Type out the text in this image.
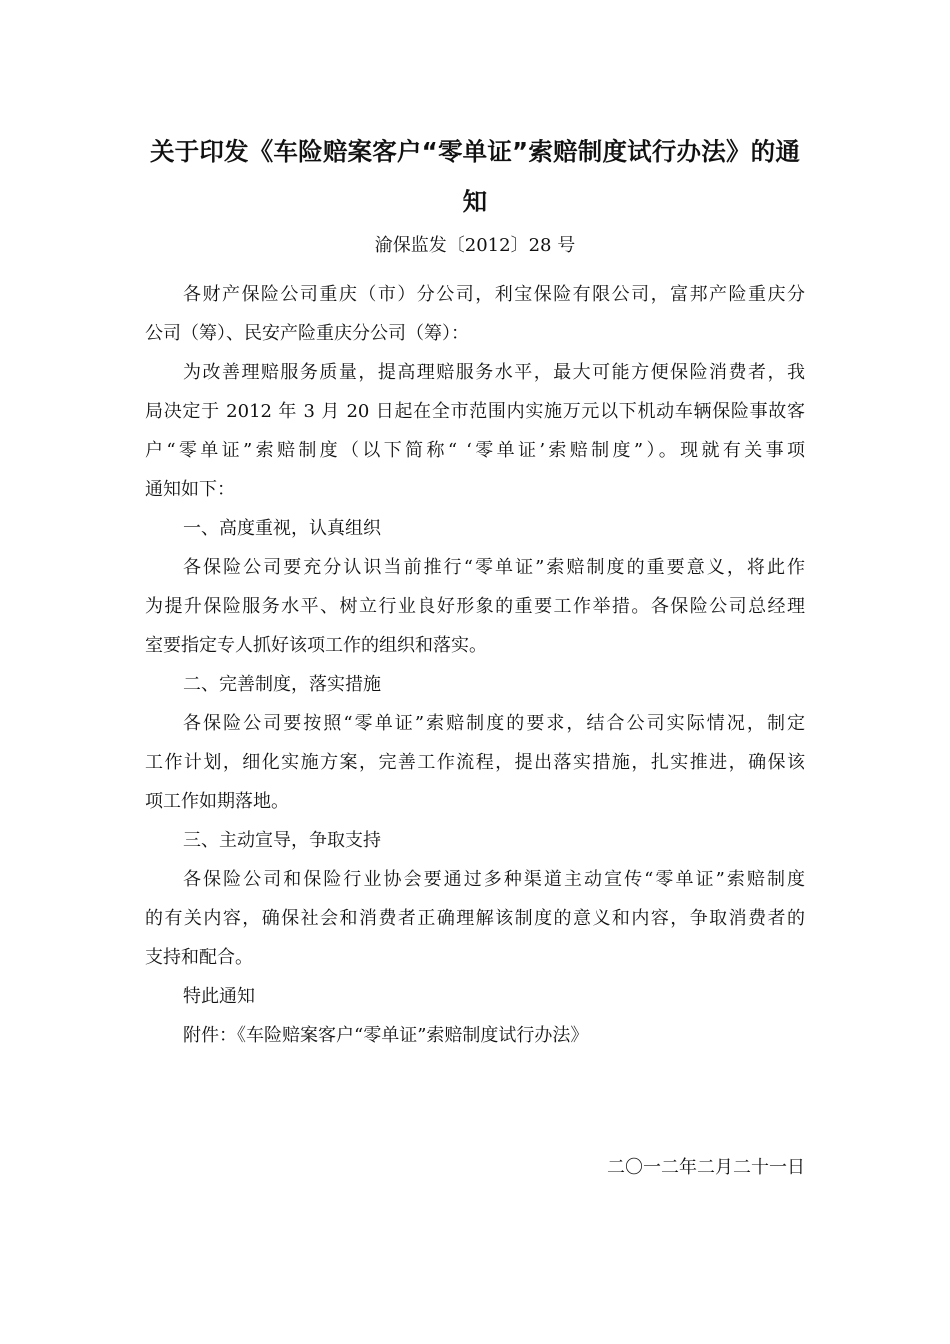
关于印发《车险赔案客户“零单证”索赔制度试行办法》的通
知
渝保监发〔2012〕28 号

各财产保险公司重庆（市）分公司，利宝保险有限公司，富邦产险重庆分
公司（筹）、民安产险重庆分公司（筹）：

为改善理赔服务质量，提高理赔服务水平，最大可能方便保险消费者，我
局决定于 2012 年 3 月 20 日起在全市范围内实施万元以下机动车辆保险事故客
户“零单证”索赔制度（以下简称“ ‘零单证’索赔制度”）。现就有关事项
通知如下：

一、高度重视，认真组织

各保险公司要充分认识当前推行“零单证”索赔制度的重要意义，将此作
为提升保险服务水平、树立行业良好形象的重要工作举措。各保险公司总经理
室要指定专人抓好该项工作的组织和落实。

二、完善制度，落实措施

各保险公司要按照“零单证”索赔制度的要求，结合公司实际情况，制定
工作计划，细化实施方案，完善工作流程，提出落实措施，扎实推进，确保该
项工作如期落地。

三、主动宣导，争取支持

各保险公司和保险行业协会要通过多种渠道主动宣传“零单证”索赔制度
的有关内容，确保社会和消费者正确理解该制度的意义和内容，争取消费者的
支持和配合。

特此通知

附件：《车险赔案客户“零单证”索赔制度试行办法》

二〇一二年二月二十一日
